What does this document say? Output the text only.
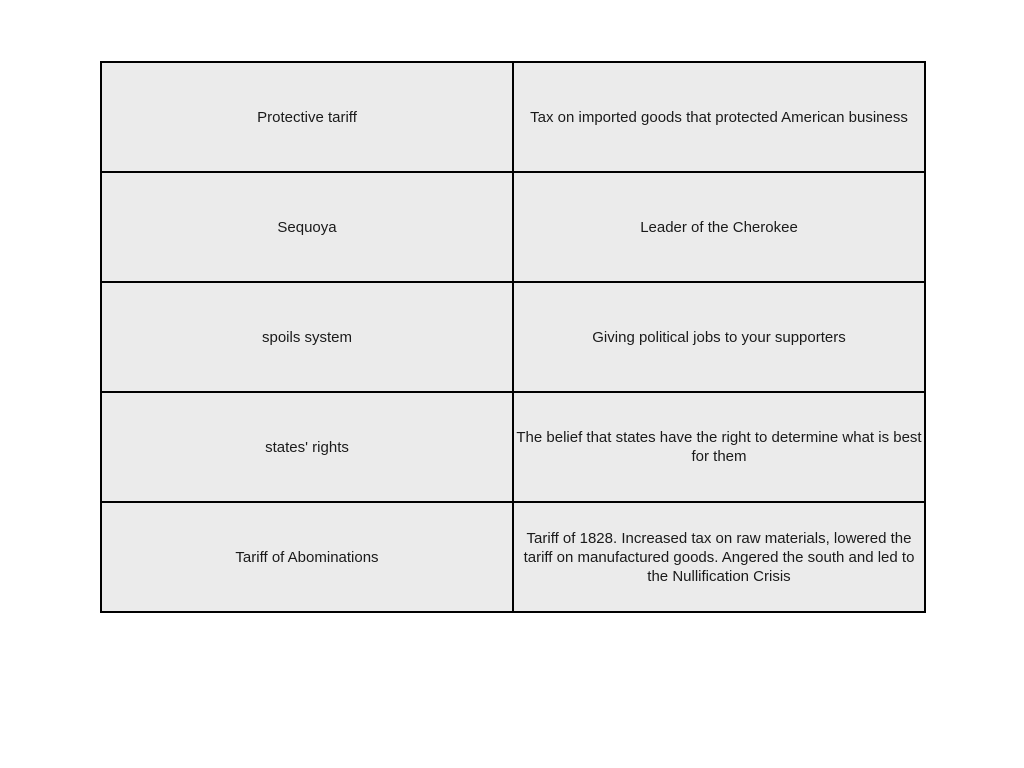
Protective tariff	Tax on imported goods that protected American business
Sequoya	Leader of the Cherokee
spoils system	Giving political jobs to your supporters
states' rights	The belief that states have the right to determine what is best for them
Tariff of Abominations	Tariff of 1828. Increased tax on raw materials, lowered the tariff on manufactured goods. Angered the south and led to the Nullification Crisis
